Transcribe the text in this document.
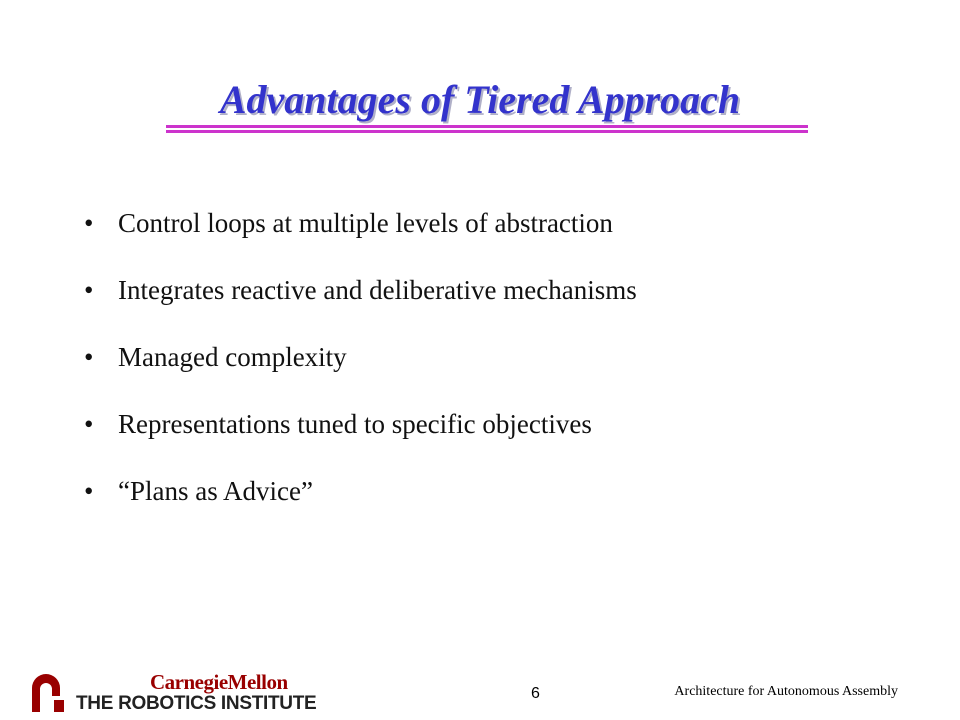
Advantages of Tiered Approach
• Control loops at multiple levels of abstraction
• Integrates reactive and deliberative mechanisms
• Managed complexity
• Representations tuned to specific objectives
• “Plans as Advice”
CarnegieMellon
THE ROBOTICS INSTITUTE	6	Architecture for Autonomous Assembly
